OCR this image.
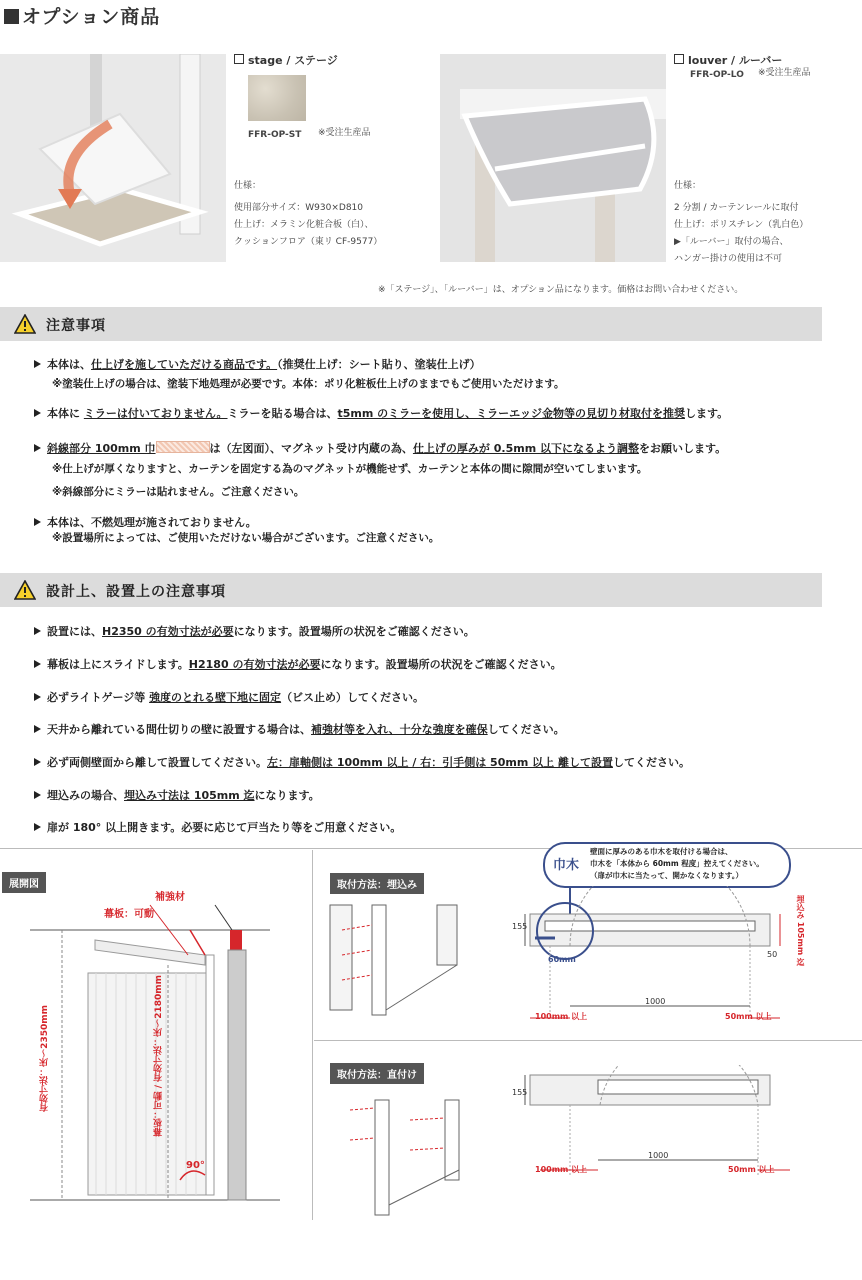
オプション商品
stage / ステージ
FFR-OP-ST ※受注生産品
仕様：
使用部分サイズ：W930×D810
仕上げ：メラミン化粧合板（白）、
クッションフロア（東リ CF-9577）
louver / ルーバー
FFR-OP-LO ※受注生産品
仕様：
2 分割 / カーテンレールに取付
仕上げ：ポリスチレン（乳白色）
▶「ルーバー」取付の場合、
ハンガー掛けの使用は不可
※「ステージ」、「ルーバー」は、オプション品になります。価格はお問い合わせください。
注意事項
本体は、仕上げを施していただける商品です。（推奨仕上げ：シート貼り、塗装仕上げ）
※塗装仕上げの場合は、塗装下地処理が必要です。本体：ポリ化粧板仕上げのままでもご使用いただけます。
本体に ミラーは付いておりません。ミラーを貼る場合は、t5mm のミラーを使用し、ミラーエッジ金物等の見切り材取付を推奨します。
斜線部分 100mm 巾	は（左図面）、マグネット受け内蔵の為、仕上げの厚みが 0.5mm 以下になるよう調整をお願いします。
※仕上げが厚くなりますと、カーテンを固定する為のマグネットが機能せず、カーテンと本体の間に隙間が空いてしまいます。
※斜線部分にミラーは貼れません。ご注意ください。
本体は、不燃処理が施されておりません。
※設置場所によっては、ご使用いただけない場合がございます。ご注意ください。
設計上、設置上の注意事項
設置には、H2350 の有効寸法が必要になります。設置場所の状況をご確認ください。
幕板は上にスライドします。H2180 の有効寸法が必要になります。設置場所の状況をご確認ください。
必ずライトゲージ等 強度のとれる壁下地に固定（ビス止め）してください。
天井から離れている間仕切りの壁に設置する場合は、補強材等を入れ、十分な強度を確保してください。
必ず両側壁面から離して設置してください。左：扉軸側は 100mm 以上 / 右：引手側は 50mm 以上 離して設置してください。
埋込みの場合、埋込み寸法は 105mm 迄になります。
扉が 180° 以上開きます。必要に応じて戸当たり等をご用意ください。
展開図
補強材
幕板：可動
有効寸法：床～2350mm	幕板：可動 / 有効寸法：床～2180mm
90°
取付方法：埋込み
巾木
壁面に厚みのある巾木を取付ける場合は、
巾木を「本体から 60mm 程度」控えてください。
（扉が巾木に当たって、開かなくなります。）
155
60mm
1000
100mm 以上	50mm 以上
50	埋込み 105mm 迄
取付方法：直付け
155
1000
100mm 以上	50mm 以上
